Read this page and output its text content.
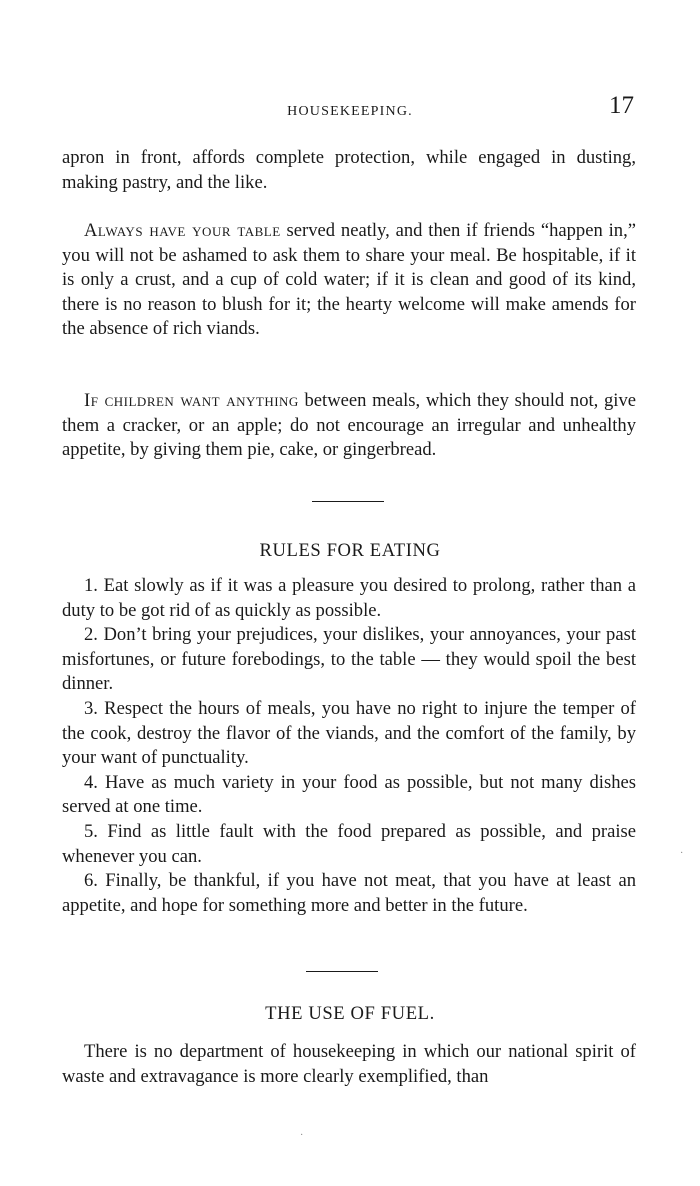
HOUSEKEEPING.	17

apron in front, affords complete protection, while engaged in dusting, making pastry, and the like.

Always have your table served neatly, and then if friends “happen in,” you will not be ashamed to ask them to share your meal. Be hospitable, if it is only a crust, and a cup of cold water; if it is clean and good of its kind, there is no reason to blush for it; the hearty welcome will make amends for the absence of rich viands.

If children want anything between meals, which they should not, give them a cracker, or an apple; do not encourage an irregular and unhealthy appetite, by giving them pie, cake, or gingerbread.

RULES FOR EATING

1. Eat slowly as if it was a pleasure you desired to prolong, rather than a duty to be got rid of as quickly as possible.

2. Don’t bring your prejudices, your dislikes, your annoyances, your past misfortunes, or future forebodings, to the table — they would spoil the best dinner.

3. Respect the hours of meals, you have no right to injure the temper of the cook, destroy the flavor of the viands, and the comfort of the family, by your want of punctuality.

4. Have as much variety in your food as possible, but not many dishes served at one time.

5. Find as little fault with the food prepared as possible, and praise whenever you can.

6. Finally, be thankful, if you have not meat, that you have at least an appetite, and hope for something more and better in the future.

THE USE OF FUEL.

There is no department of housekeeping in which our national spirit of waste and extravagance is more clearly exemplified, than

·
·
